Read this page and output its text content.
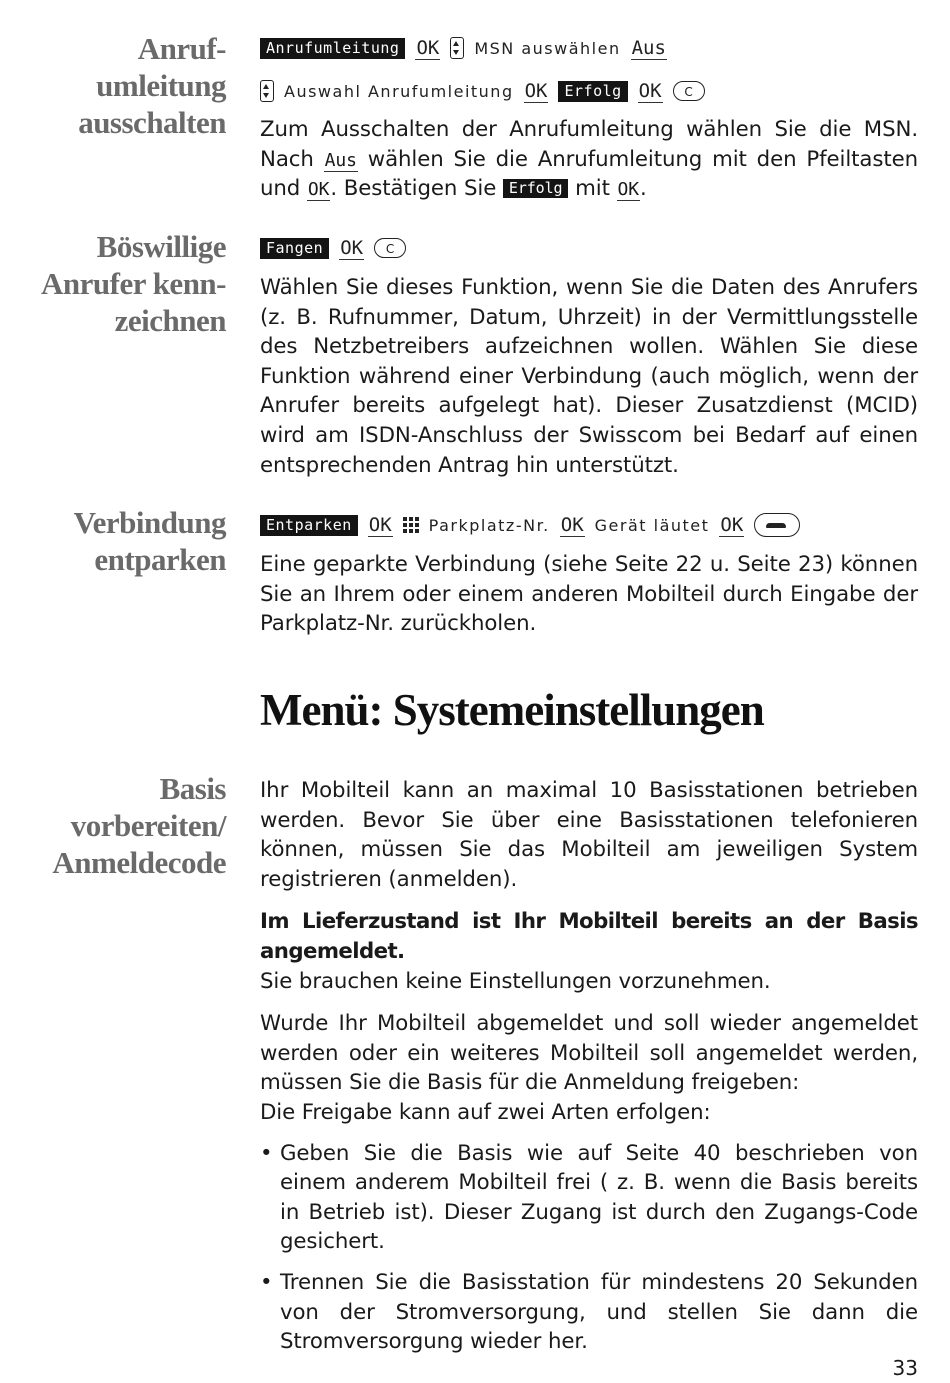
Anruf-
umleitung
ausschalten
Anrufumleitung OK MSN auswählen Aus
Auswahl Anrufumleitung OK	Erfolg OK	C

Zum Ausschalten der Anrufumleitung wählen Sie die MSN. Nach Aus wählen Sie die Anrufumleitung mit den Pfeiltasten und OK. Bestätigen Sie Erfolg mit OK.

Böswillige
Anrufer kenn-
zeichnen
Fangen OK	C

Wählen Sie dieses Funktion, wenn Sie die Daten des Anrufers (z. B. Rufnummer, Datum, Uhrzeit) in der Vermittlungsstelle des Netzbetreibers aufzeichnen wollen. Wählen Sie diese Funktion während einer Verbindung (auch möglich, wenn der Anrufer bereits aufgelegt hat). Dieser Zusatzdienst (MCID) wird am ISDN-Anschluss der Swisscom bei Bedarf auf einen entsprechenden Antrag hin unterstützt.

Verbindung
entparken
Entparken OK Parkplatz-Nr. OK Gerät läutet OK

Eine geparkte Verbindung (siehe Seite 22 u. Seite 23) können Sie an Ihrem oder einem anderen Mobilteil durch Eingabe der Parkplatz-Nr. zurückholen.

Menü: Systemeinstellungen
Basis
vorbereiten/
Anmeldecode

Ihr Mobilteil kann an maximal 10 Basisstationen betrieben werden. Bevor Sie über eine Basisstationen telefonieren können, müssen Sie das Mobilteil am jeweiligen System registrieren (anmelden).

Im Lieferzustand ist Ihr Mobilteil bereits an der Basis angemeldet.
Sie brauchen keine Einstellungen vorzunehmen.

Wurde Ihr Mobilteil abgemeldet und soll wieder angemeldet werden oder ein weiteres Mobilteil soll angemeldet werden, müssen Sie die Basis für die Anmeldung freigeben:
Die Freigabe kann auf zwei Arten erfolgen:

• Geben Sie die Basis wie auf Seite 40 beschrieben von einem anderem Mobilteil frei ( z. B. wenn die Basis bereits in Betrieb ist). Dieser Zugang ist durch den Zugangs-Code gesichert.

• Trennen Sie die Basisstation für mindestens 20 Sekunden von der Stromversorgung, und stellen Sie dann die Stromversorgung wieder her.

33
